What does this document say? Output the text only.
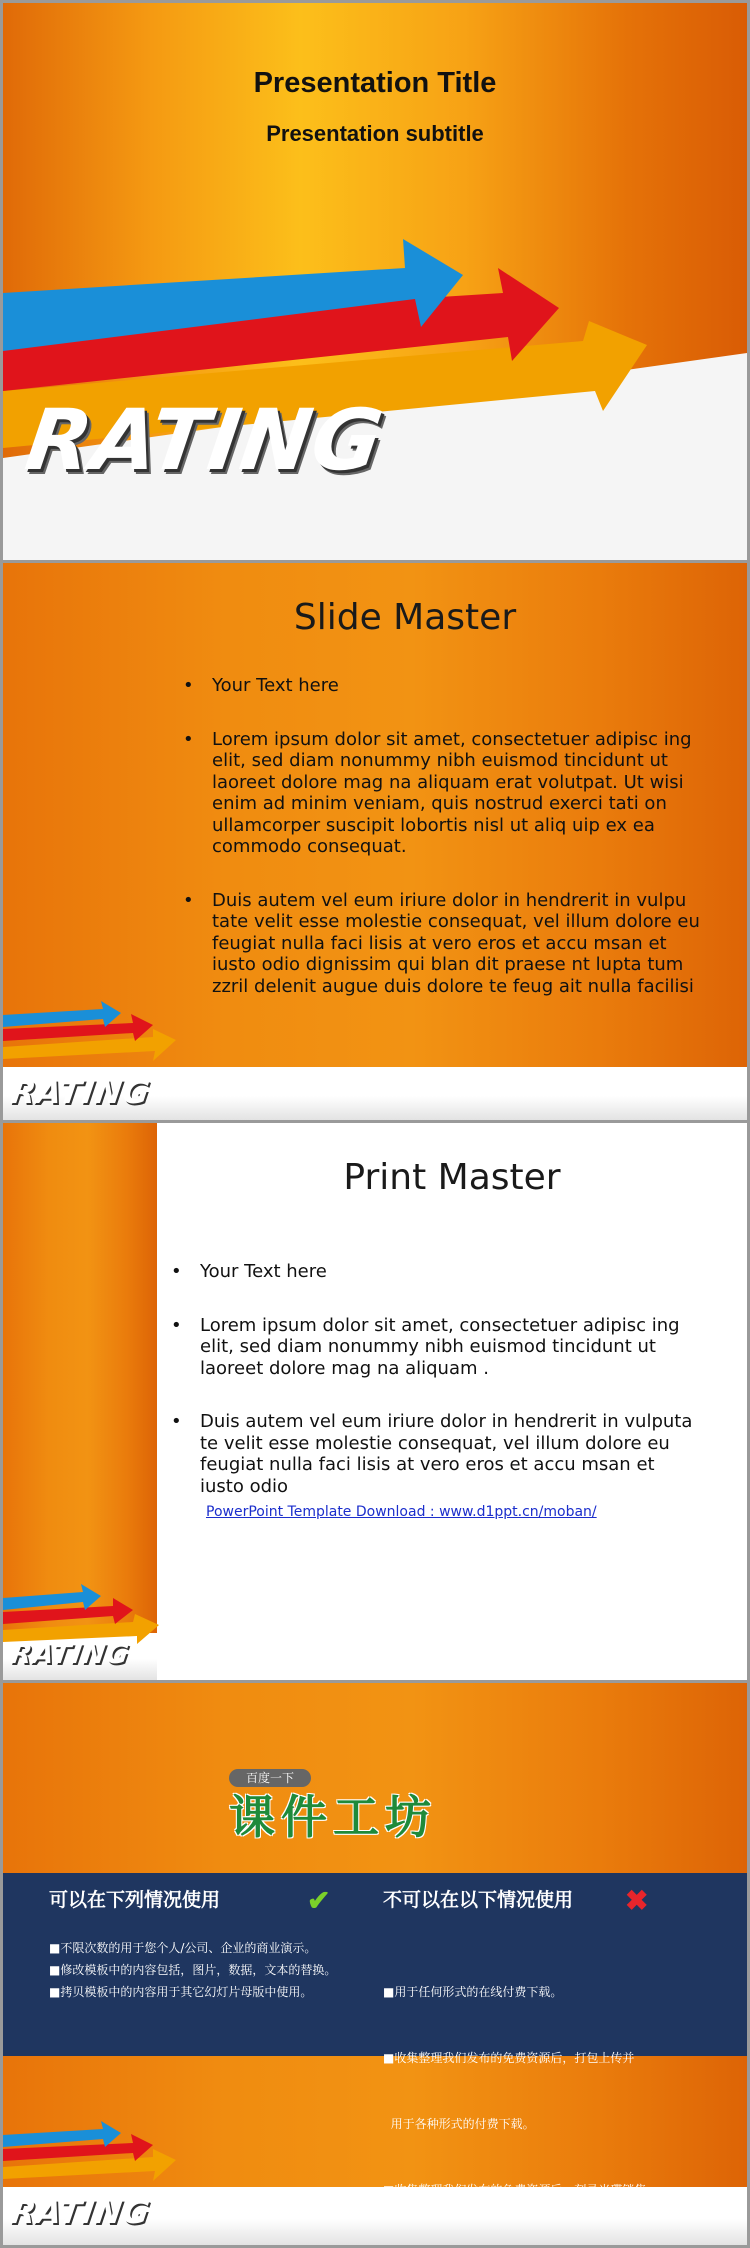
Presentation Title
Presentation subtitle
RATING
Slide Master
• Your Text here
• Lorem ipsum dolor sit amet, consectetuer adipisc ing elit, sed diam nonummy nibh euismod tincidunt ut laoreet dolore mag na aliquam erat volutpat. Ut wisi enim ad minim veniam, quis nostrud exerci tati on ullamcorper suscipit lobortis nisl ut aliq uip ex ea commodo consequat.
• Duis autem vel eum iriure dolor in hendrerit in vulpu tate velit esse molestie consequat, vel illum dolore eu feugiat nulla faci lisis at vero eros et accu msan et iusto odio dignissim qui blan dit praese nt lupta tum zzril delenit augue duis dolore te feug ait nulla facilisi
RATING
Print Master
• Your Text here
• Lorem ipsum dolor sit amet, consectetuer adipisc ing elit, sed diam nonummy nibh euismod tincidunt ut laoreet dolore mag na aliquam .
• Duis autem vel eum iriure dolor in hendrerit in vulputa te velit esse molestie consequat, vel illum dolore eu feugiat nulla faci lisis at vero eros et accu msan et iusto odio
PowerPoint Template Download : www.d1ppt.cn/moban/
RATING
百度一下
课件工坊
可以在下列情况使用	✔
■不限次数的用于您个人/公司、企业的商业演示。
■修改模板中的内容包括，图片，数据，文本的替换。
■拷贝模板中的内容用于其它幻灯片母版中使用。
不可以在以下情况使用 ✖

■用于任何形式的在线付费下载。

■收集整理我们发布的免费资源后，打包上传并

用于各种形式的付费下载。

RATING
